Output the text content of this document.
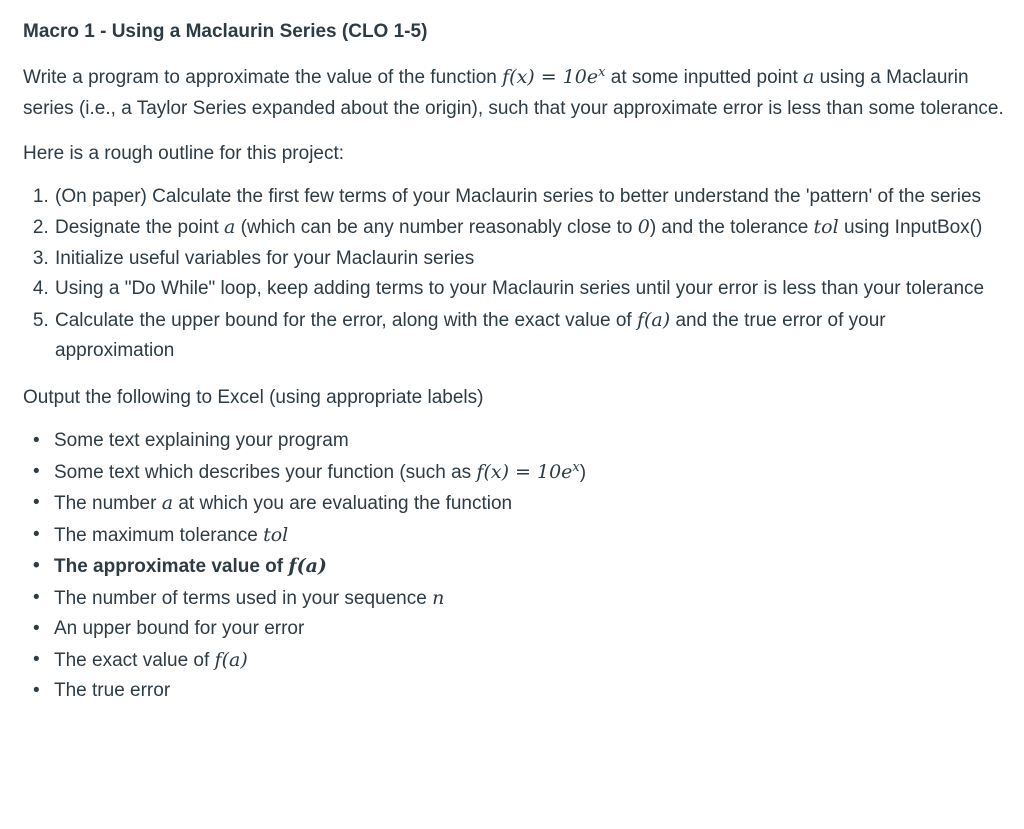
Macro 1 - Using a Maclaurin Series (CLO 1-5)

Write a program to approximate the value of the function $f(x) = 10e^x$ at some inputted point a using a Maclaurin series (i.e., a Taylor Series expanded about the origin), such that your approximate error is less than some tolerance.

Here is a rough outline for this project:

1. (On paper) Calculate the first few terms of your Maclaurin series to better understand the 'pattern' of the series
2. Designate the point a (which can be any number reasonably close to 0) and the tolerance tol using InputBox()
3. Initialize useful variables for your Maclaurin series
4. Using a "Do While" loop, keep adding terms to your Maclaurin series until your error is less than your tolerance
5. Calculate the upper bound for the error, along with the exact value of f(a) and the true error of your approximation

Output the following to Excel (using appropriate labels)

• Some text explaining your program
• Some text which describes your function (such as $f(x) = 10e^x$)
• The number a at which you are evaluating the function
• The maximum tolerance tol
• The approximate value of f(a)
• The number of terms used in your sequence n
• An upper bound for your error
• The exact value of f(a)
• The true error
